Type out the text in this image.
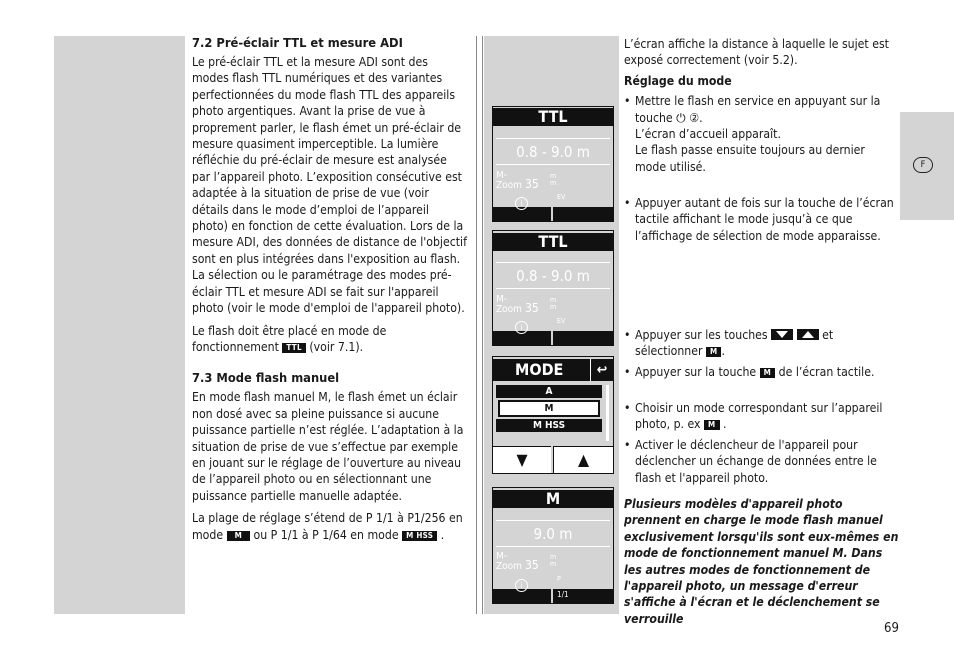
7.2 Pré-éclair TTL et mesure ADI

Le pré-éclair TTL et la mesure ADI sont des modes flash TTL numériques et des variantes perfectionnées du mode flash TTL des appareils photo argentiques. Avant la prise de vue à proprement parler, le flash émet un pré-éclair de mesure quasiment imperceptible. La lumière réfléchie du pré-éclair de mesure est analysée par l’appareil photo. L’exposition consécutive est adaptée à la situation de prise de vue (voir détails dans le mode d’emploi de l’appareil photo) en fonction de cette évaluation. Lors de la mesure ADI, des données de distance de l'objectif sont en plus intégrées dans l'exposition au flash. La sélection ou le paramétrage des modes pré-éclair TTL et mesure ADI se fait sur l'appareil photo (voir le mode d'emploi de l'appareil photo).

Le flash doit être placé en mode de fonctionnement TTL (voir 7.1).

7.3 Mode flash manuel

En mode flash manuel M, le flash émet un éclair non dosé avec sa pleine puissance si aucune puissance partielle n’est réglée. L’adaptation à la situation de prise de vue s’effectue par exemple en jouant sur le réglage de l’ouverture au niveau de l’appareil photo ou en sélectionnant une puissance partielle manuelle adaptée.

La plage de réglage s’étend de P 1/1 à P1/256 en mode M ou P 1/1 à P 1/64 en mode M HSS .

TTL
0.8 - 9.0 m
M-
Zoom 35
mm
i
EV
TTL
0.8 - 9.0 m
M-
Zoom 35
mm
i
EV
MODE	↩
A
M
M HSS
▼	▲
M
9.0 m
M-
Zoom 35
mm
i
P
1/1
L’écran affiche la distance à laquelle le sujet est exposé correctement (voir 5.2).
Réglage du mode
• Mettre le flash en service en appuyant sur la touche ⏻ ②.
L’écran d’accueil apparaît.
Le flash passe ensuite toujours au dernier mode utilisé.
• Appuyer autant de fois sur la touche de l’écran tactile affichant le mode jusqu’à ce que l’affichage de sélection de mode apparaisse.
• Appuyer sur les touches
	et sélectionner M .
• Appuyer sur la touche M de l’écran tactile.
• Choisir un mode correspondant sur l’appareil photo, p. ex M .
• Activer le déclencheur de l'appareil pour déclencher un échange de données entre le flash et l'appareil photo.
Plusieurs modèles d'appareil photo prennent en charge le mode flash manuel exclusivement lorsqu'ils sont eux-mêmes en mode de fonctionnement manuel M. Dans les autres modes de fonctionnement de l'appareil photo, un message d'erreur s'affiche à l'écran et le déclenchement se verrouille
F
69
